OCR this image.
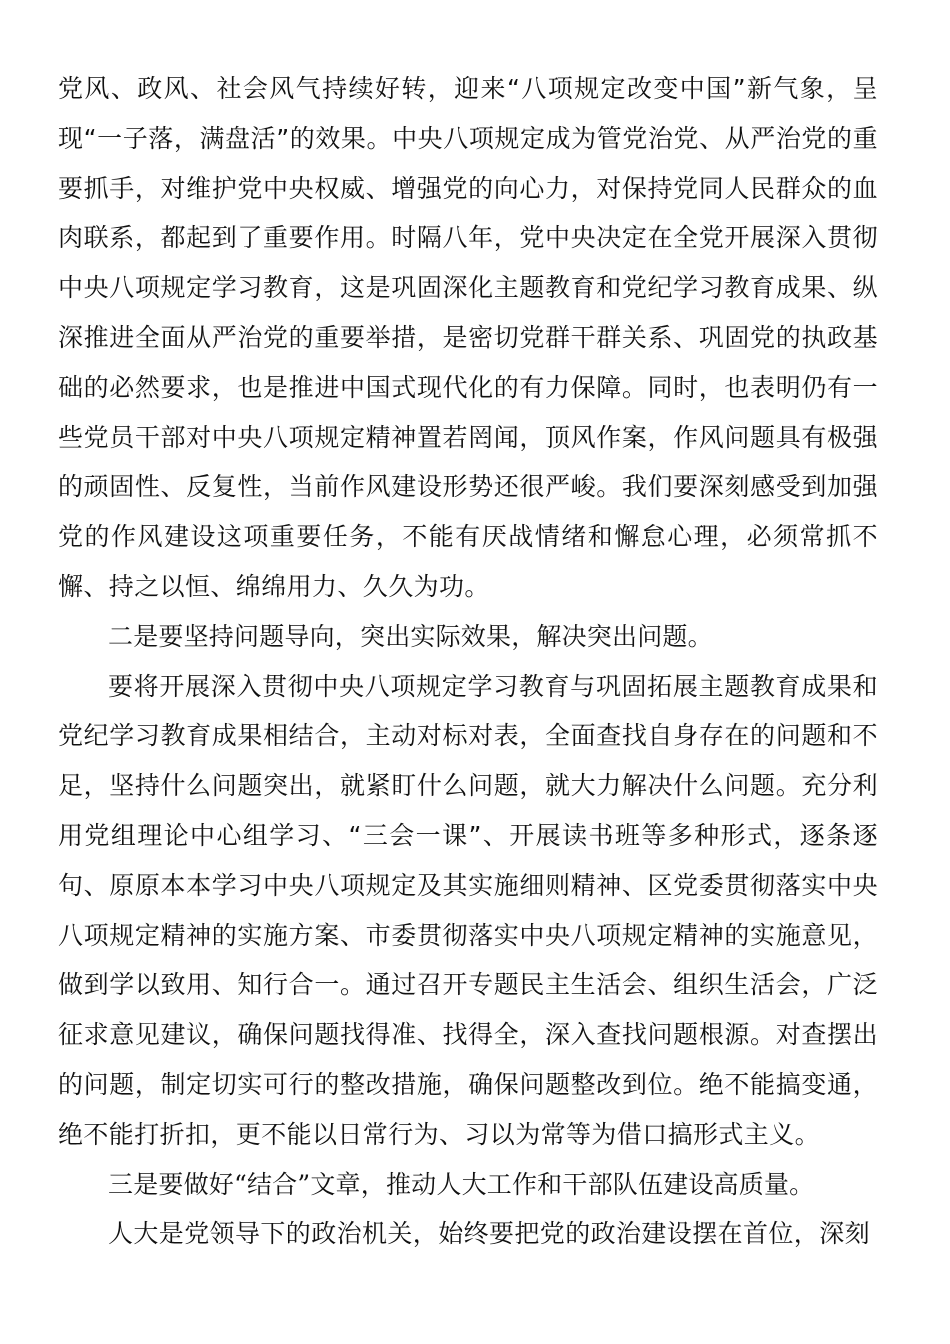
党风、政风、社会风气持续好转，迎来“八项规定改变中国”新气象，呈现“一子落，满盘活”的效果。中央八项规定成为管党治党、从严治党的重要抓手，对维护党中央权威、增强党的向心力，对保持党同人民群众的血肉联系，都起到了重要作用。时隔八年，党中央决定在全党开展深入贯彻中央八项规定学习教育，这是巩固深化主题教育和党纪学习教育成果、纵深推进全面从严治党的重要举措，是密切党群干群关系、巩固党的执政基础的必然要求，也是推进中国式现代化的有力保障。同时，也表明仍有一些党员干部对中央八项规定精神置若罔闻，顶风作案，作风问题具有极强的顽固性、反复性，当前作风建设形势还很严峻。我们要深刻感受到加强党的作风建设这项重要任务，不能有厌战情绪和懈怠心理，必须常抓不懈、持之以恒、绵绵用力、久久为功。

二是要坚持问题导向，突出实际效果，解决突出问题。

要将开展深入贯彻中央八项规定学习教育与巩固拓展主题教育成果和党纪学习教育成果相结合，主动对标对表，全面查找自身存在的问题和不足，坚持什么问题突出，就紧盯什么问题，就大力解决什么问题。充分利用党组理论中心组学习、“三会一课”、开展读书班等多种形式，逐条逐句、原原本本学习中央八项规定及其实施细则精神、区党委贯彻落实中央八项规定精神的实施方案、市委贯彻落实中央八项规定精神的实施意见，做到学以致用、知行合一。通过召开专题民主生活会、组织生活会，广泛征求意见建议，确保问题找得准、找得全，深入查找问题根源。对查摆出的问题，制定切实可行的整改措施，确保问题整改到位。绝不能搞变通，绝不能打折扣，更不能以日常行为、习以为常等为借口搞形式主义。

三是要做好“结合”文章，推动人大工作和干部队伍建设高质量。

人大是党领导下的政治机关，始终要把党的政治建设摆在首位，深刻
